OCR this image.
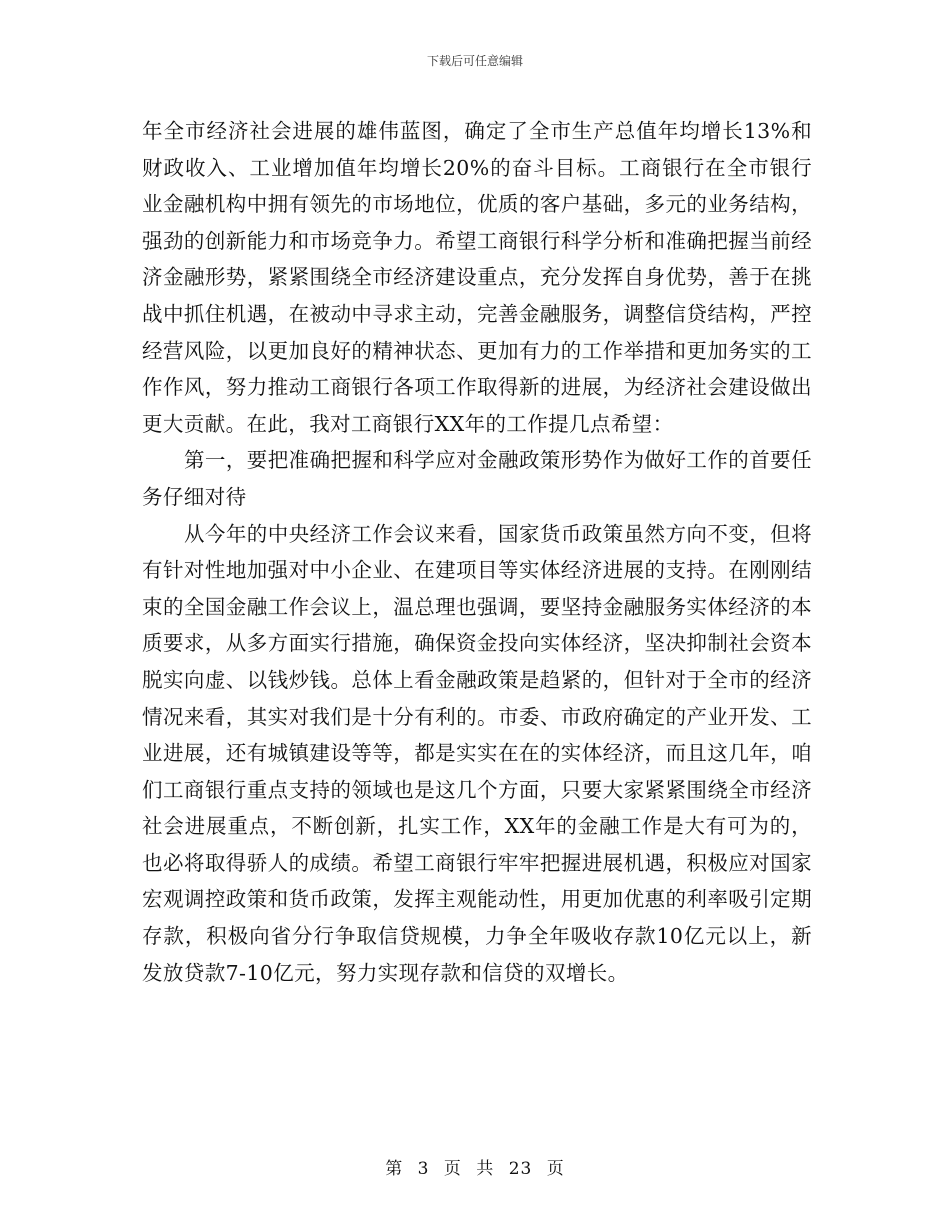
下载后可任意编辑

年全市经济社会进展的雄伟蓝图，确定了全市生产总值年均增长13%和财政收入、工业增加值年均增长20%的奋斗目标。工商银行在全市银行业金融机构中拥有领先的市场地位，优质的客户基础，多元的业务结构，强劲的创新能力和市场竞争力。希望工商银行科学分析和准确把握当前经济金融形势，紧紧围绕全市经济建设重点，充分发挥自身优势，善于在挑战中抓住机遇，在被动中寻求主动，完善金融服务，调整信贷结构，严控经营风险，以更加良好的精神状态、更加有力的工作举措和更加务实的工作作风，努力推动工商银行各项工作取得新的进展，为经济社会建设做出更大贡献。在此，我对工商银行XX年的工作提几点希望：

第一，要把准确把握和科学应对金融政策形势作为做好工作的首要任务仔细对待

从今年的中央经济工作会议来看，国家货币政策虽然方向不变，但将有针对性地加强对中小企业、在建项目等实体经济进展的支持。在刚刚结束的全国金融工作会议上，温总理也强调，要坚持金融服务实体经济的本质要求，从多方面实行措施，确保资金投向实体经济，坚决抑制社会资本脱实向虚、以钱炒钱。总体上看金融政策是趋紧的，但针对于全市的经济情况来看，其实对我们是十分有利的。市委、市政府确定的产业开发、工业进展，还有城镇建设等等，都是实实在在的实体经济，而且这几年，咱们工商银行重点支持的领域也是这几个方面，只要大家紧紧围绕全市经济社会进展重点，不断创新，扎实工作，XX年的金融工作是大有可为的，也必将取得骄人的成绩。希望工商银行牢牢把握进展机遇，积极应对国家宏观调控政策和货币政策，发挥主观能动性，用更加优惠的利率吸引定期存款，积极向省分行争取信贷规模，力争全年吸收存款10亿元以上，新发放贷款7-10亿元，努力实现存款和信贷的双增长。

第 3 页 共 23 页
